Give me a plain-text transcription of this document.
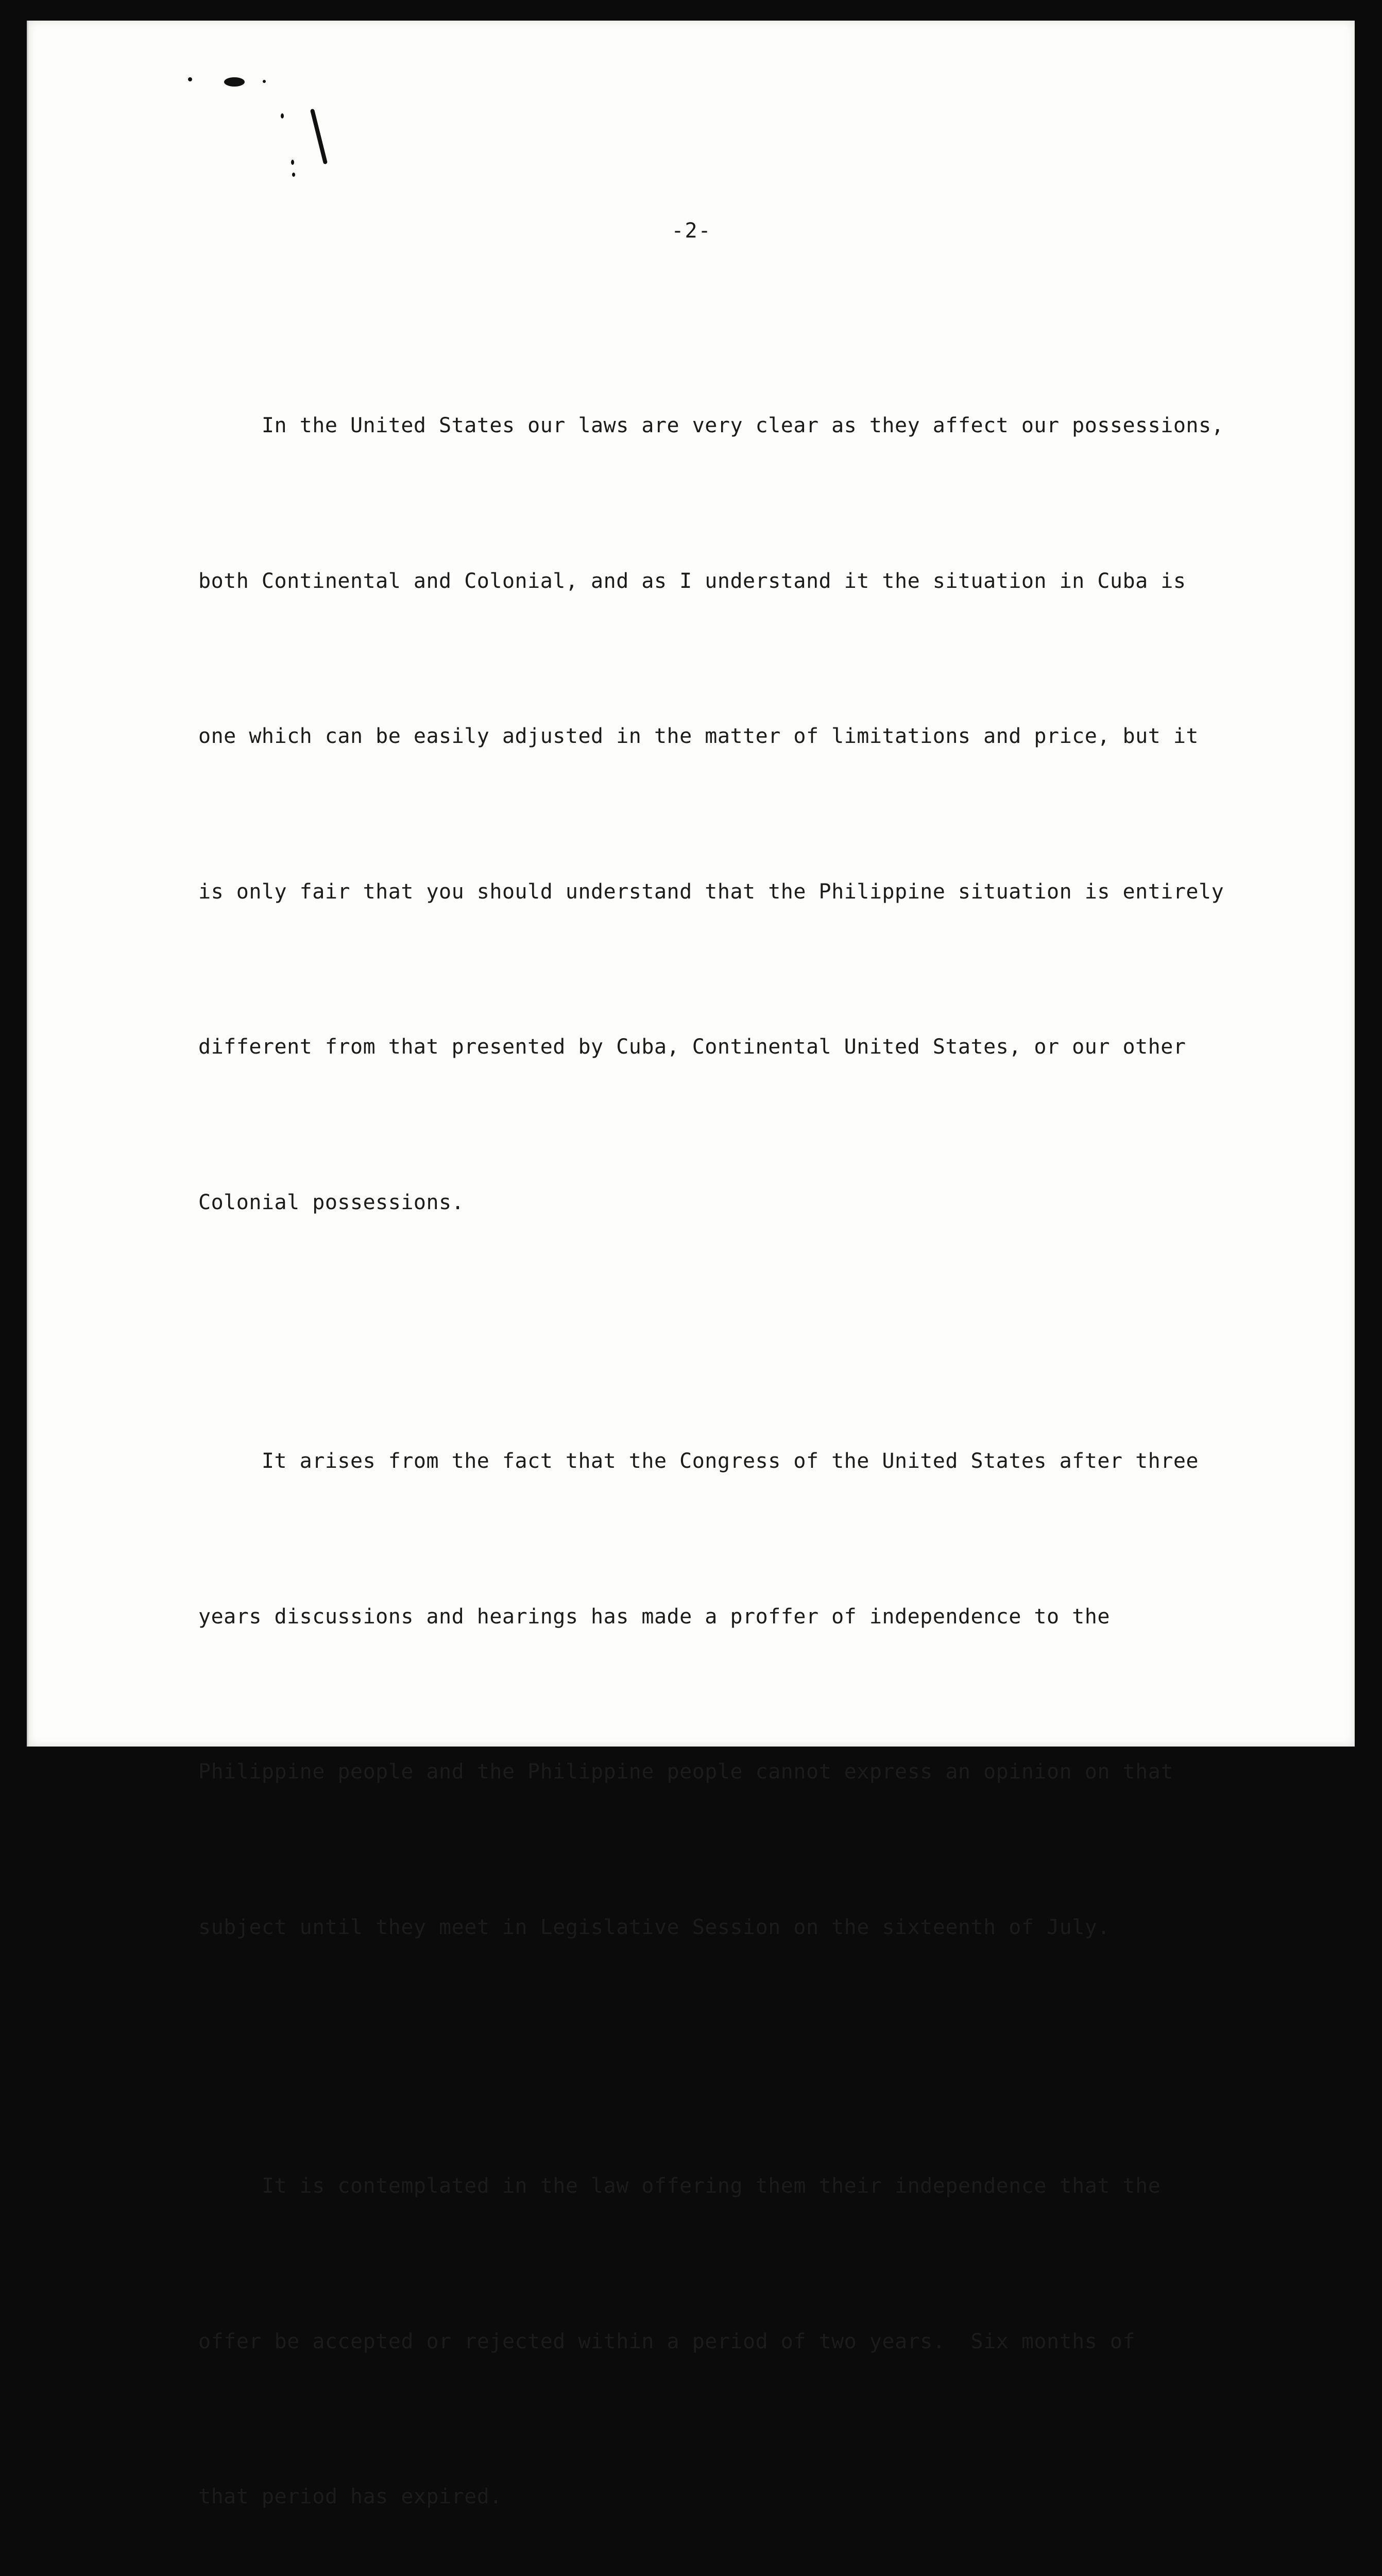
-2-

In the United States our laws are very clear as they affect our possessions,

both Continental and Colonial, and as I understand it the situation in Cuba is

one which can be easily adjusted in the matter of limitations and price, but it

is only fair that you should understand that the Philippine situation is entirely

different from that presented by Cuba, Continental United States, or our other

Colonial possessions.

It arises from the fact that the Congress of the United States after three

years discussions and hearings has made a proffer of independence to the

Philippine people and the Philippine people cannot express an opinion on that

subject until they meet in Legislative Session on the sixteenth of July.

It is contemplated in the law offering them their independence that the

offer be accepted or rejected within a period of two years.  Six months of

that period has expired.
